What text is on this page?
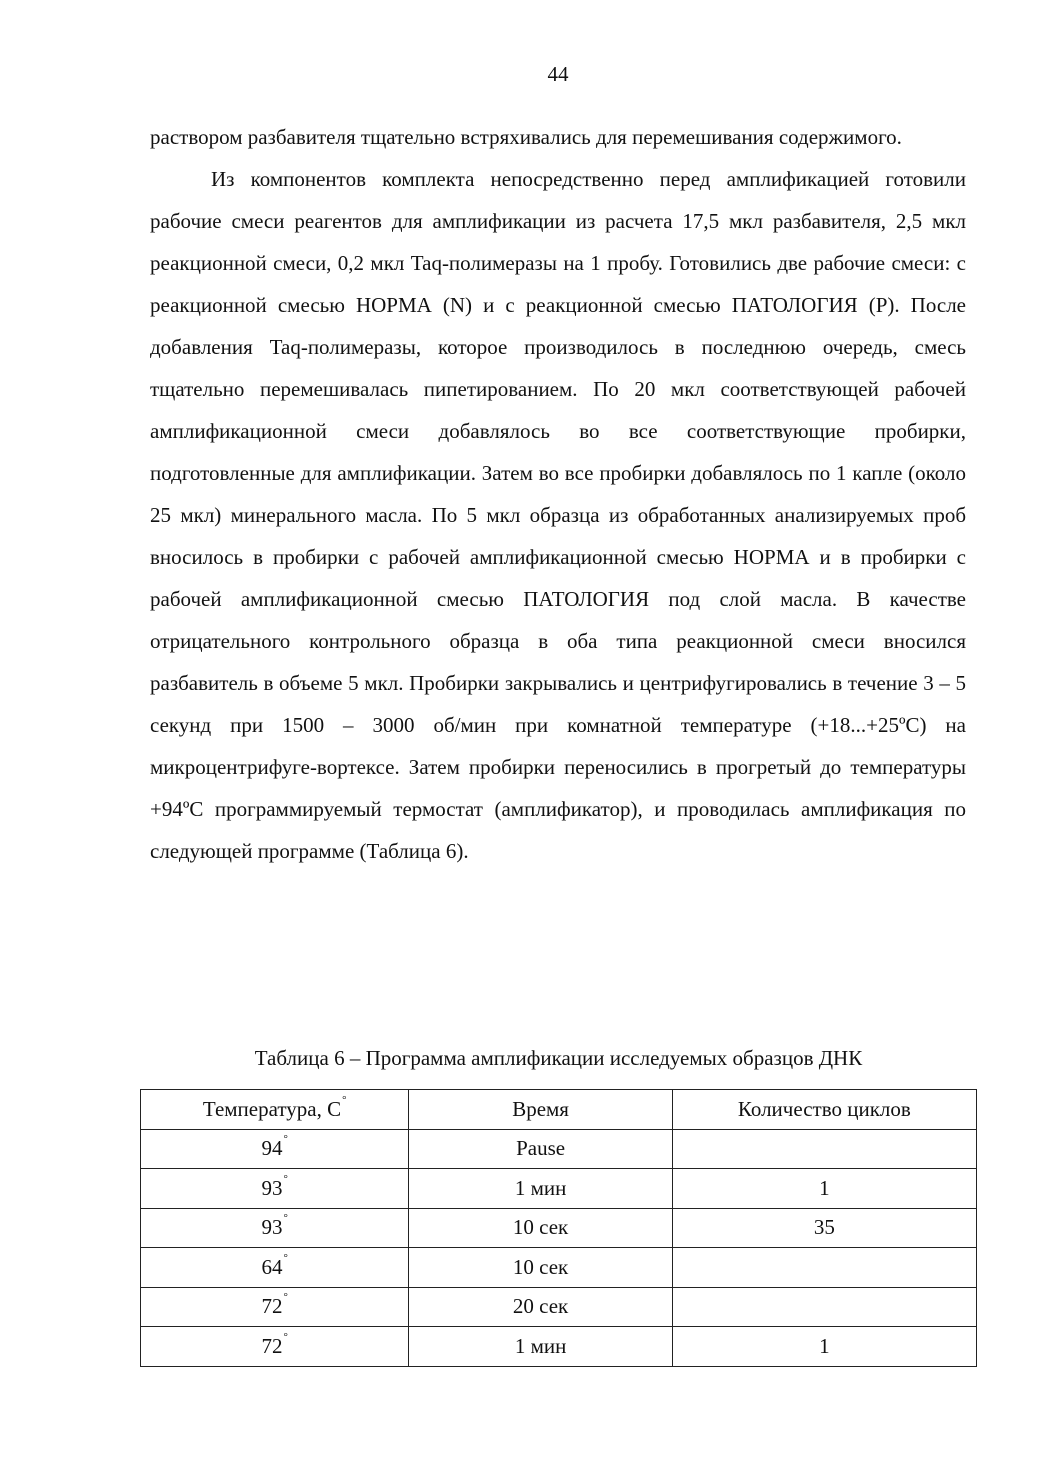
44

раствором разбавителя тщательно встряхивались для перемешивания содержимого.

Из компонентов комплекта непосредственно перед амплификацией готовили рабочие смеси реагентов для амплификации из расчета 17,5 мкл разбавителя, 2,5 мкл реакционной смеси, 0,2 мкл Taq-полимеразы на 1 пробу. Готовились две рабочие смеси: с реакционной смесью НОРМА (N) и с реакционной смесью ПАТОЛОГИЯ (P). После добавления Taq-полимеразы, которое производилось в последнюю очередь, смесь тщательно перемешивалась пипетированием. По 20 мкл соответствующей рабочей амплификационной смеси добавлялось во все соответствующие пробирки, подготовленные для амплификации. Затем во все пробирки добавлялось по 1 капле (около 25 мкл) минерального масла. По 5 мкл образца из обработанных анализируемых проб вносилось в пробирки с рабочей амплификационной смесью НОРМА и в пробирки с рабочей амплификационной смесью ПАТОЛОГИЯ под слой масла. В качестве отрицательного контрольного образца в оба типа реакционной смеси вносился разбавитель в объеме 5 мкл. Пробирки закрывались и центрифугировались в течение 3 – 5 секунд при 1500 – 3000 об/мин при комнатной температуре (+18...+25ºС) на микроцентрифуге-вортексе. Затем пробирки переносились в прогретый до температуры +94ºС программируемый термостат (амплификатор), и проводилась амплификация по следующей программе (Таблица 6).

Таблица 6 – Программа амплификации исследуемых образцов ДНК
Температура, С°	Время	Количество циклов
94°	Pause	
93°	1 мин	1
93°	10 сек	35
64°	10 сек	
72°	20 сек	
72°	1 мин	1
